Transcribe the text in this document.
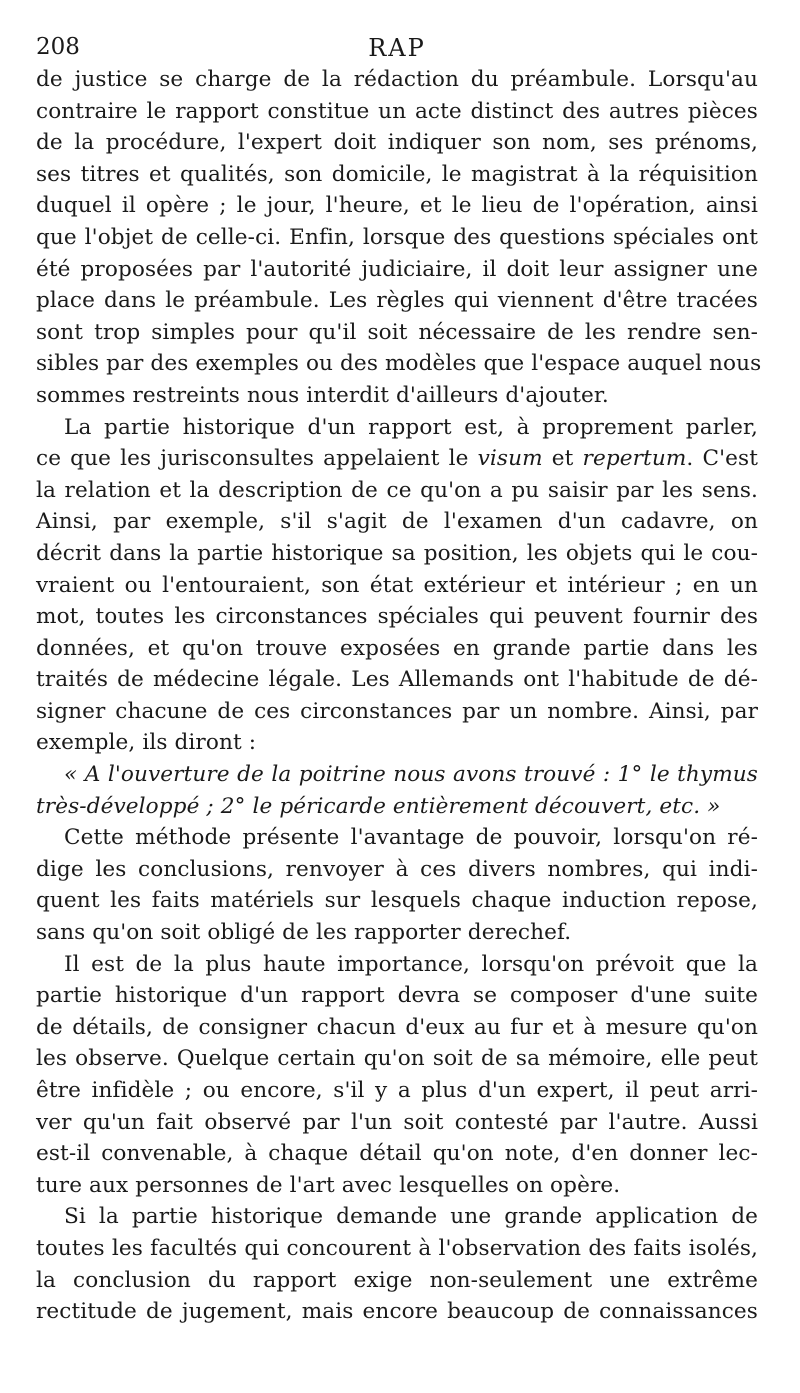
208	RAP

de justice se charge de la rédaction du préambule. Lorsqu'au
contraire le rapport constitue un acte distinct des autres pièces
de la procédure, l'expert doit indiquer son nom, ses prénoms,
ses titres et qualités, son domicile, le magistrat à la réquisition
duquel il opère ; le jour, l'heure, et le lieu de l'opération, ainsi
que l'objet de celle-ci. Enfin, lorsque des questions spéciales ont
été proposées par l'autorité judiciaire, il doit leur assigner une
place dans le préambule. Les règles qui viennent d'être tracées
sont trop simples pour qu'il soit nécessaire de les rendre sen-
sibles par des exemples ou des modèles que l'espace auquel nous
sommes restreints nous interdit d'ailleurs d'ajouter.

La partie historique d'un rapport est, à proprement parler,
ce que les jurisconsultes appelaient le visum et repertum. C'est
la relation et la description de ce qu'on a pu saisir par les sens.
Ainsi, par exemple, s'il s'agit de l'examen d'un cadavre, on
décrit dans la partie historique sa position, les objets qui le cou-
vraient ou l'entouraient, son état extérieur et intérieur ; en un
mot, toutes les circonstances spéciales qui peuvent fournir des
données, et qu'on trouve exposées en grande partie dans les
traités de médecine légale. Les Allemands ont l'habitude de dé-
signer chacune de ces circonstances par un nombre. Ainsi, par
exemple, ils diront :

« A l'ouverture de la poitrine nous avons trouvé : 1° le thymus
très-développé ; 2° le péricarde entièrement découvert, etc. »

Cette méthode présente l'avantage de pouvoir, lorsqu'on ré-
dige les conclusions, renvoyer à ces divers nombres, qui indi-
quent les faits matériels sur lesquels chaque induction repose,
sans qu'on soit obligé de les rapporter derechef.

Il est de la plus haute importance, lorsqu'on prévoit que la
partie historique d'un rapport devra se composer d'une suite
de détails, de consigner chacun d'eux au fur et à mesure qu'on
les observe. Quelque certain qu'on soit de sa mémoire, elle peut
être infidèle ; ou encore, s'il y a plus d'un expert, il peut arri-
ver qu'un fait observé par l'un soit contesté par l'autre. Aussi
est-il convenable, à chaque détail qu'on note, d'en donner lec-
ture aux personnes de l'art avec lesquelles on opère.

Si la partie historique demande une grande application de
toutes les facultés qui concourent à l'observation des faits isolés,
la conclusion du rapport exige non-seulement une extrême
rectitude de jugement, mais encore beaucoup de connaissances
